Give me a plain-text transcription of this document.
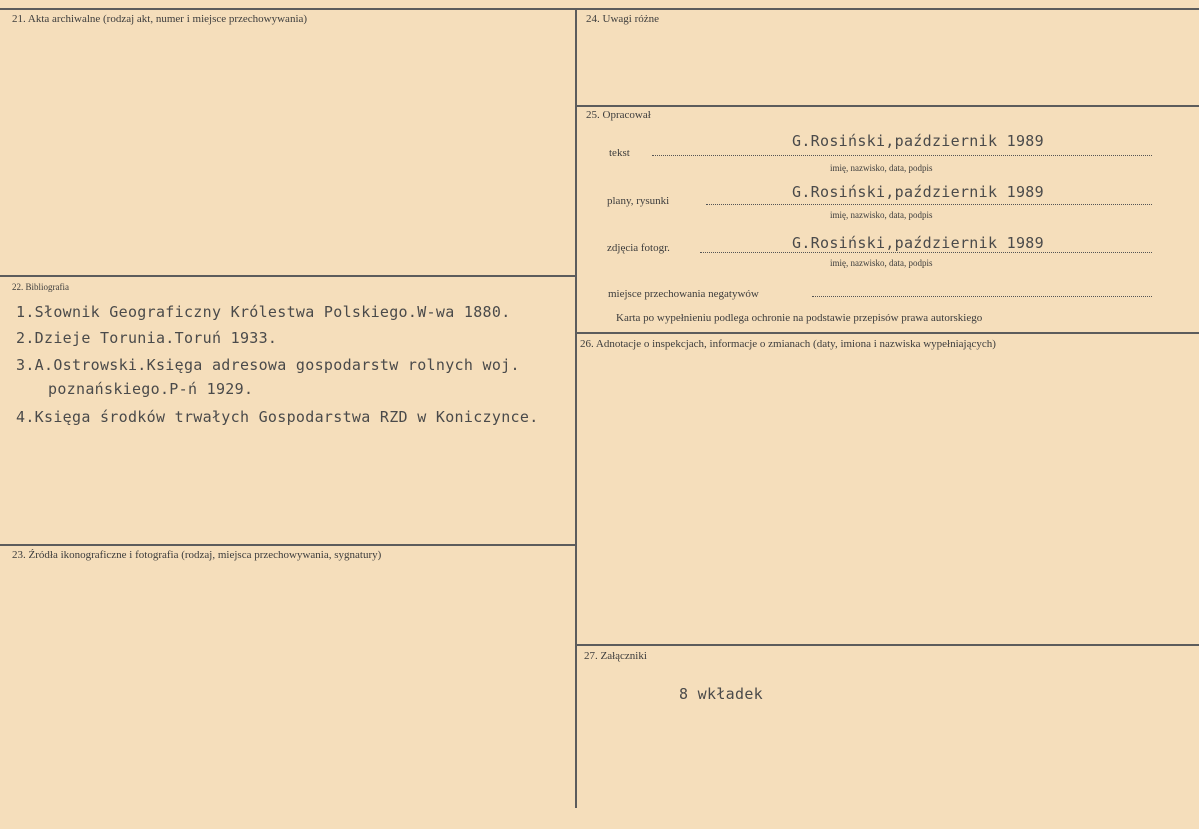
21. Akta archiwalne (rodzaj akt, numer i miejsce przechowywania)
22. Bibliografia
1.Słownik Geograficzny Królestwa Polskiego.W-wa 1880.
2.Dzieje Torunia.Toruń 1933.
3.A.Ostrowski.Księga adresowa gospodarstw rolnych woj.
poznańskiego.P-ń 1929.
4.Księga środków trwałych Gospodarstwa RZD w Koniczynce.
23. Źródła ikonograficzne i fotografia (rodzaj, miejsca przechowywania, sygnatury)
24. Uwagi różne
25. Opracował
tekst
G.Rosiński,październik 1989
imię, nazwisko, data, podpis
plany, rysunki	G.Rosiński,październik 1989
imię, nazwisko, data, podpis
zdjęcia fotogr.	G.Rosiński,październik 1989
imię, nazwisko, data, podpis
miejsce przechowania negatywów
Karta po wypełnieniu podlega ochronie na podstawie przepisów prawa autorskiego
26. Adnotacje o inspekcjach, informacje o zmianach (daty, imiona i nazwiska wypełniających)
27. Załączniki
8 wkładek
